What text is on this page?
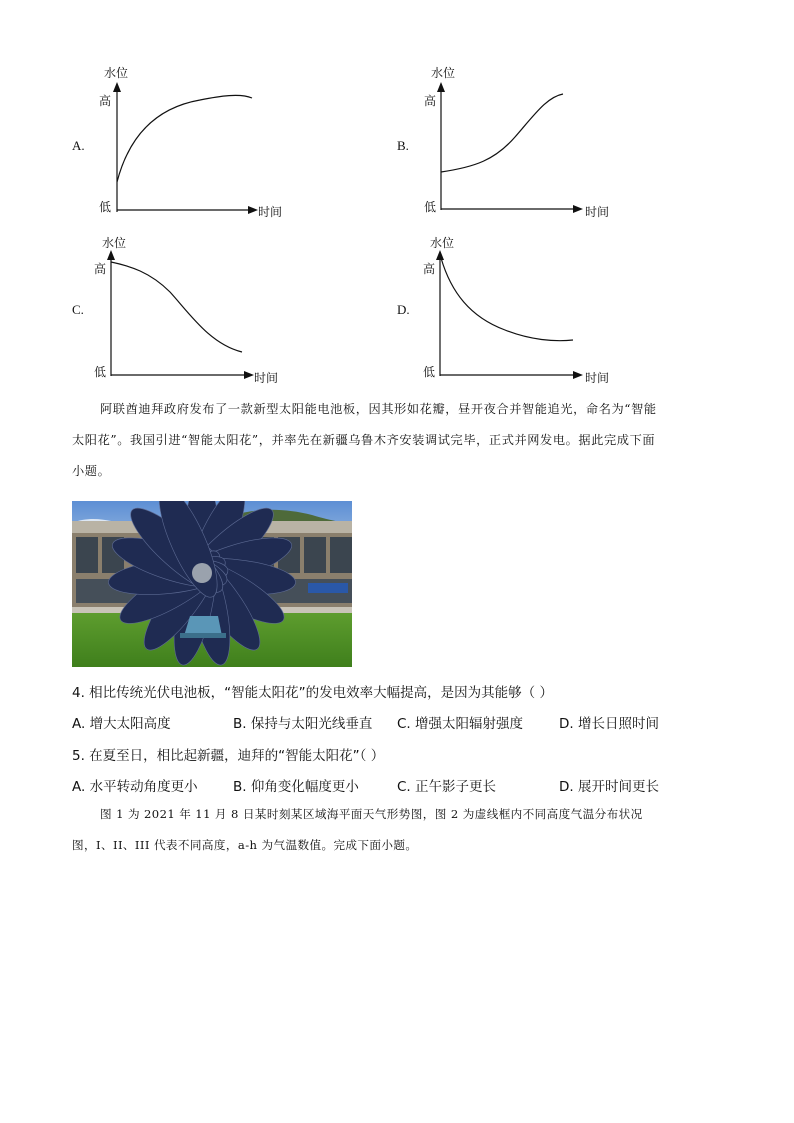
A.
水位
高
低	时间
B.
水位
高
低	时间
C.
水位
高
低	时间
D.
水位
高
低	时间

阿联酋迪拜政府发布了一款新型太阳能电池板，因其形如花瓣，昼开夜合并智能追光，命名为“智能

太阳花”。我国引进“智能太阳花”，并率先在新疆乌鲁木齐安装调试完毕，正式并网发电。据此完成下面

小题。

4. 相比传统光伏电池板，“智能太阳花”的发电效率大幅提高，是因为其能够（ ）
A. 增大太阳高度	B. 保持与太阳光线垂直 C. 增强太阳辐射强度	D. 增长日照时间
5. 在夏至日，相比起新疆，迪拜的“智能太阳花”（ ）
A. 水平转动角度更小	B. 仰角变化幅度更小	C. 正午影子更长	D. 展开时间更长

图 1 为 2021 年 11 月 8 日某时刻某区域海平面天气形势图，图 2 为虚线框内不同高度气温分布状况

图，I、II、III 代表不同高度，a-h 为气温数值。完成下面小题。
